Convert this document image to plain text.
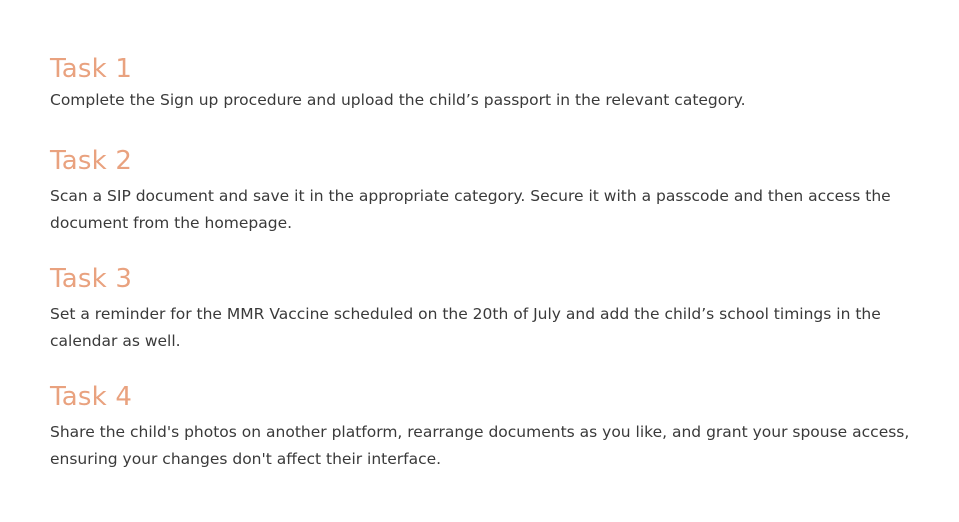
Task 1

Complete the Sign up procedure and upload the child’s passport in the relevant category.

Task 2

Scan a SIP document and save it in the appropriate category. Secure it with a passcode and then access the document from the homepage.

Task 3

Set a reminder for the MMR Vaccine scheduled on the 20th of July and add the child’s school timings in the calendar as well.

Task 4

Share the child's photos on another platform, rearrange documents as you like, and grant your spouse access, ensuring your changes don't affect their interface.
